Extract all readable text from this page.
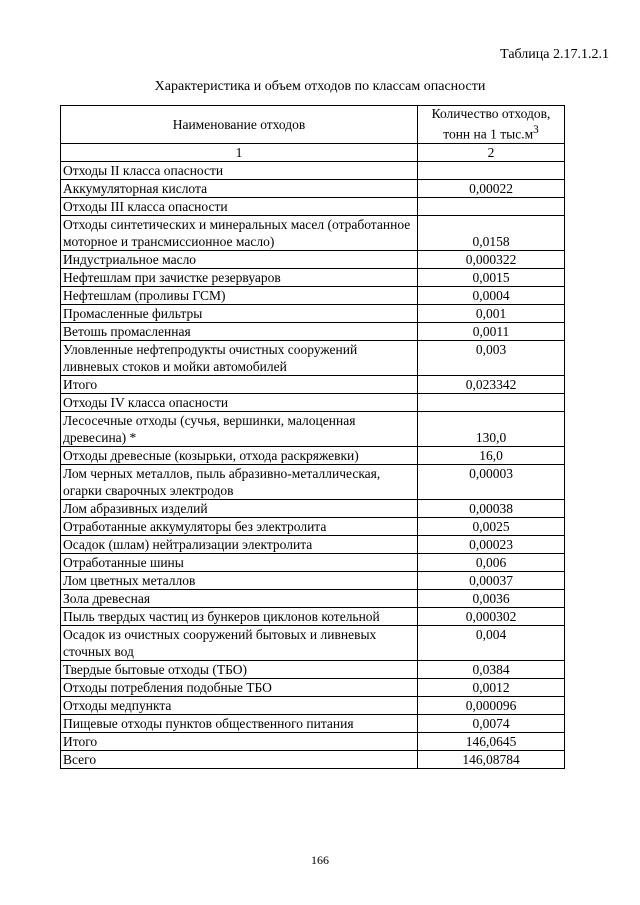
Таблица 2.17.1.2.1
Характеристика и объем отходов по классам опасности
Наименование отходов	Количество отходов,
тонн на 1 $тыс.м^3$
1	2
Отходы II класса опасности	
Аккумуляторная кислота	0,00022
Отходы III класса опасности	
Отходы синтетических и минеральных масел (отработанное моторное и трансмиссионное масло)	0,0158
Индустриальное масло	0,000322
Нефтешлам при зачистке резервуаров	0,0015
Нефтешлам (проливы ГСМ)	0,0004
Промасленные фильтры	0,001
Ветошь промасленная	0,0011
Уловленные нефтепродукты очистных сооружений ливневых стоков и мойки автомобилей	0,003
Итого	0,023342
Отходы IV класса опасности	
Лесосечные отходы (сучья, вершинки, малоценная древесина) *	130,0
Отходы древесные (козырьки, отхода раскряжевки)	16,0
Лом черных металлов, пыль абразивно-металлическая, огарки сварочных электродов	0,00003
Лом абразивных изделий	0,00038
Отработанные аккумуляторы без электролита	0,0025
Осадок (шлам) нейтрализации электролита	0,00023
Отработанные шины	0,006
Лом цветных металлов	0,00037
Зола древесная	0,0036
Пыль твердых частиц из бункеров циклонов котельной	0,000302
Осадок из очистных сооружений бытовых и ливневых сточных вод	0,004
Твердые бытовые отходы (ТБО)	0,0384
Отходы потребления подобные ТБО	0,0012
Отходы медпункта	0,000096
Пищевые отходы пунктов общественного питания	0,0074
Итого	146,0645
Всего	146,08784
166
